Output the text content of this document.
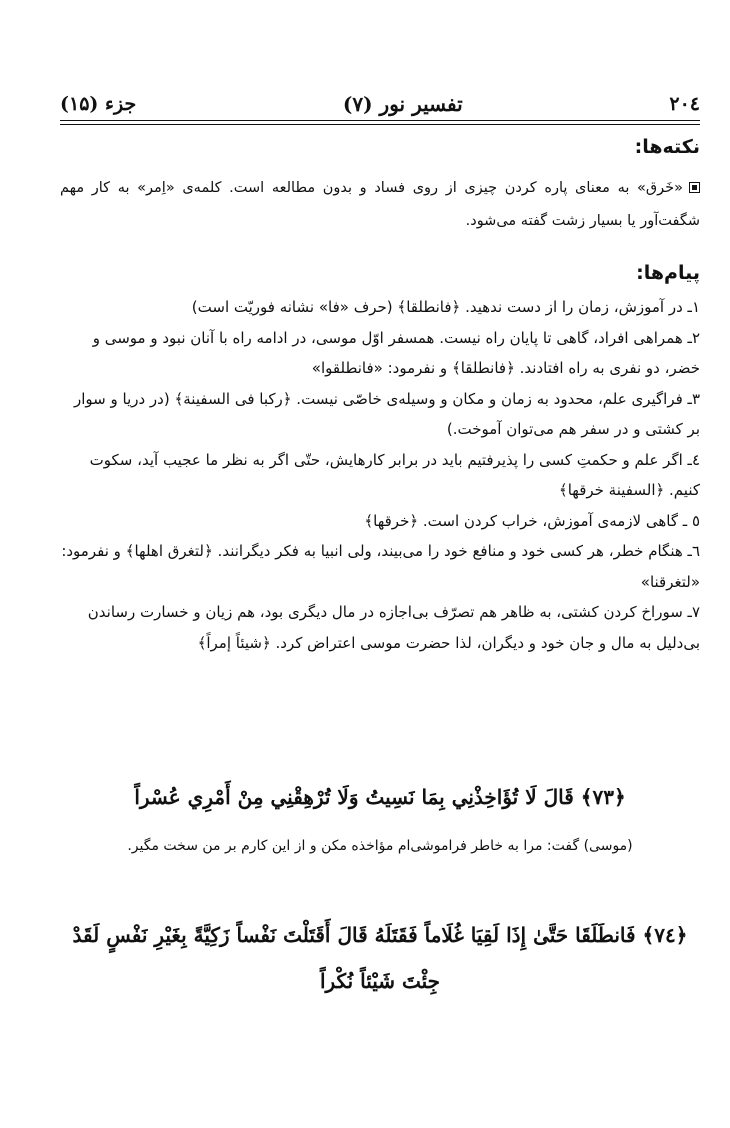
جزء (۱۵)	تفسیر نور (۷)	۲۰٤
نکته‌ها:
«خَرق» به معنای پاره کردن چیزی از روی فساد و بدون مطالعه است. کلمه‌ی «اِمر» به کار مهم شگفت‌آور یا بسیار زشت گفته می‌شود.
پیام‌ها:
۱ـ در آموزش، زمان را از دست ندهید. ﴿فانطلقا﴾ (حرف «فا» نشانه فوریّت است)
۲ـ همراهی افراد، گاهی تا پایان راه نیست. همسفر اوّل موسی، در ادامه راه با آنان نبود و موسی و خضر، دو نفری به راه افتادند. ﴿فانطلقا﴾ و نفرمود: «فانطلقوا»
۳ـ فراگیری علم، محدود به زمان و مکان و وسیله‌ی خاصّی نیست. ﴿رکبا فی السفینة﴾ (در دریا و سوار بر کشتی و در سفر هم می‌توان آموخت.)
٤ـ اگر علم و حکمتِ کسی را پذیرفتیم باید در برابر کارهایش، حتّی اگر به نظر ما عجیب آید، سکوت کنیم. ﴿السفینة خرقها﴾
٥ ـ گاهی لازمه‌ی آموزش، خراب کردن است. ﴿خرقها﴾
٦ـ هنگام خطر، هر کسی خود و منافع خود را می‌بیند، ولی انبیا به فکر دیگرانند. ﴿لتغرق اهلها﴾ و نفرمود: «لتغرقنا»
۷ـ سوراخ کردن کشتی، به ظاهر هم تصرّف بی‌اجازه در مال دیگری بود، هم زیان و خسارت رساندن بی‌دلیل به مال و جان خود و دیگران، لذا حضرت موسی اعتراض کرد. ﴿شیئاً إمراً﴾
﴿۷۳﴾ قَالَ لَا تُؤَاخِذْنِي بِمَا نَسِيتُ وَلَا تُرْهِقْنِي مِنْ أَمْرِي عُسْراً
(موسی) گفت: مرا به خاطر فراموشی‌ام مؤاخذه مکن و از این کارم بر من سخت مگیر.
﴿۷٤﴾ فَانطَلَقَا حَتَّىٰ إِذَا لَقِيَا غُلَاماً فَقَتَلَهُ قَالَ أَقَتَلْتَ نَفْساً زَكِيَّةً بِغَيْرِ نَفْسٍ لَقَدْ جِئْتَ شَيْئاً نُكْراً
